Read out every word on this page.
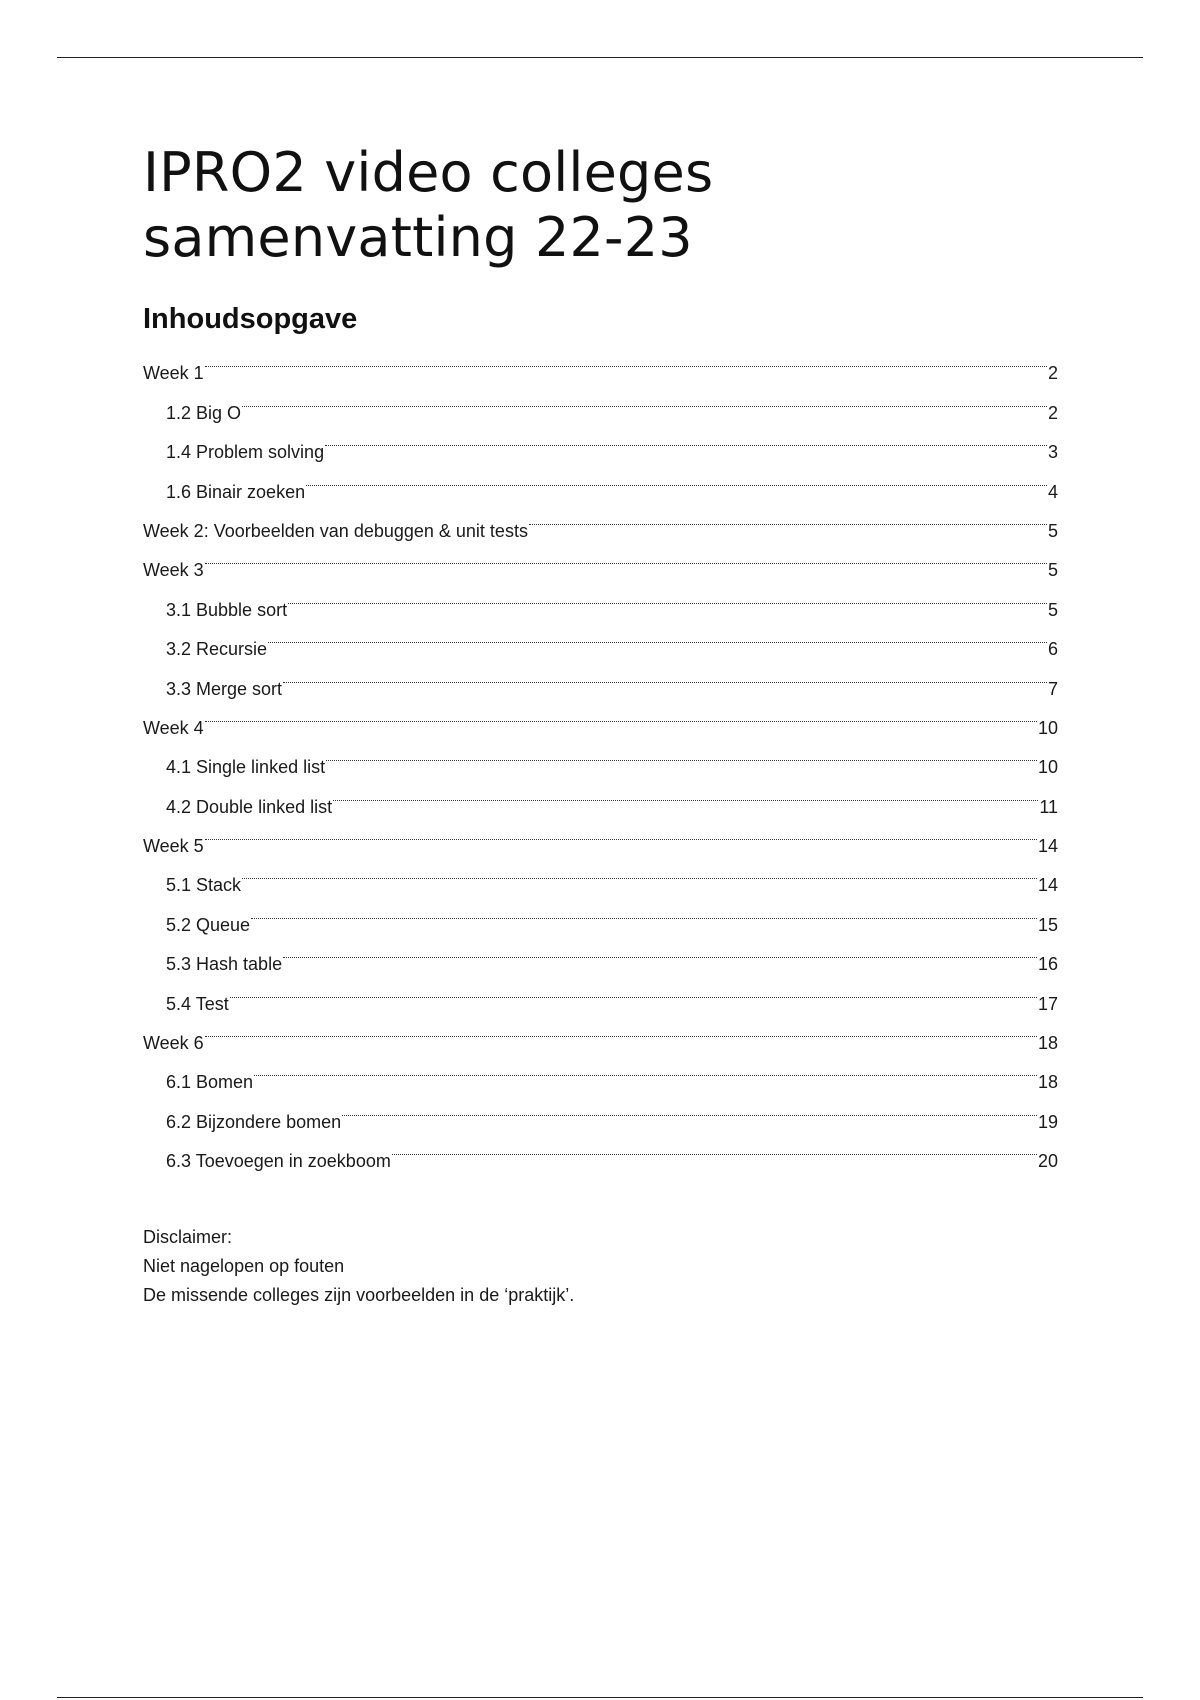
IPRO2 video colleges
samenvatting 22-23
Inhoudsopgave
Week 1	2
1.2 Big O	2
1.4 Problem solving	3
1.6 Binair zoeken	4
Week 2: Voorbeelden van debuggen & unit tests	5
Week 3	5
3.1 Bubble sort	5
3.2 Recursie	6
3.3 Merge sort	7
Week 4	10
4.1 Single linked list	10
4.2 Double linked list	11
Week 5	14
5.1 Stack	14
5.2 Queue	15
5.3 Hash table	16
5.4 Test	17
Week 6	18
6.1 Bomen	18
6.2 Bijzondere bomen	19
6.3 Toevoegen in zoekboom	20

Disclaimer:

Niet nagelopen op fouten

De missende colleges zijn voorbeelden in de ‘praktijk’.
